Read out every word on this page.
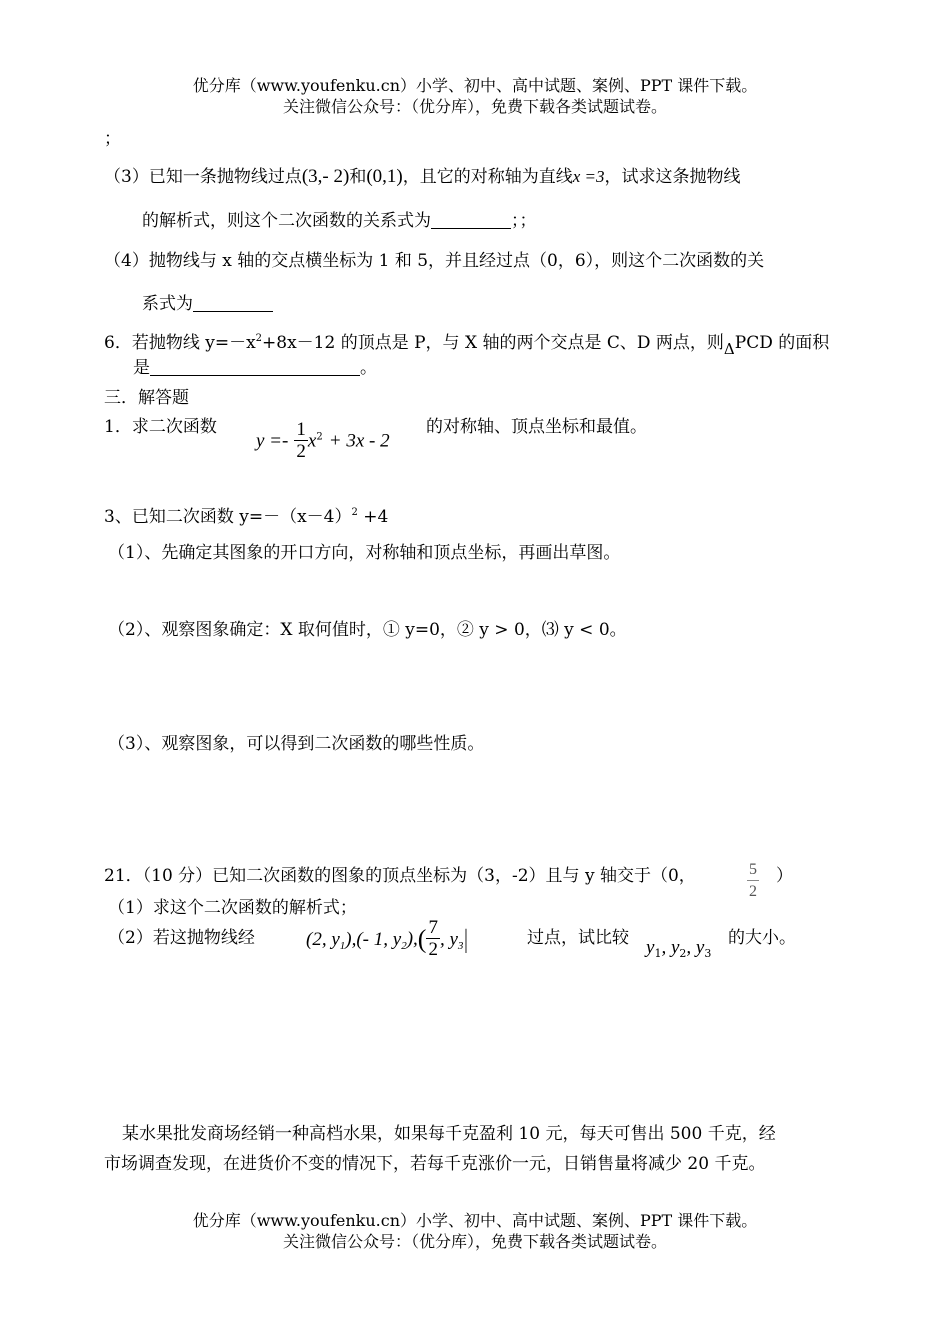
优分库（www.youfenku.cn）小学、初中、高中试题、案例、PPT 课件下载。
关注微信公众号：（优分库），免费下载各类试题试卷。
；
（3）已知一条抛物线过点(3,- 2)和(0,1)，且它的对称轴为直线x =3，试求这条抛物线
的解析式，则这个二次函数的关系式为	；；
（4）抛物线与 x 轴的交点横坐标为 1 和 5，并且经过点（0，6），则这个二次函数的关
系式为
6．若抛物线 $y=-x^2+8x-12$ 的顶点是 P，与 X 轴的两个交点是 C、D 两点，则ΔPCD 的面积
是	。
三．解答题
1．求二次函数
$y =- \frac{1}{2} x^2 + 3x - 2$
的对称轴、顶点坐标和最值。
3、已知二次函数 $y=-(x-4)^2 +4$
（1）、先确定其图象的开口方向，对称轴和顶点坐标，再画出草图。
（2）、观察图象确定：X 取何值时，① y=0，② y > 0，⑶ y < 0。
（3）、观察图象，可以得到二次函数的哪些性质。
21．（10 分）已知二次函数的图象的顶点坐标为（3，-2）且与 y 轴交于（0，	$\frac{5}{2}$ ）
（1）求这个二次函数的解析式；
（2）若这抛物线经	(2, $y_1),(-$ 1, $y_2),( \frac{7}{2}$ , $y_3|$	过点，试比较 $y_1$, $y_2$, $y_3$
的大小。
某水果批发商场经销一种高档水果，如果每千克盈利 10 元，每天可售出 500 千克，经
市场调查发现，在进货价不变的情况下，若每千克涨价一元，日销售量将减少 20 千克。
优分库（www.youfenku.cn）小学、初中、高中试题、案例、PPT 课件下载。
关注微信公众号：（优分库），免费下载各类试题试卷。
